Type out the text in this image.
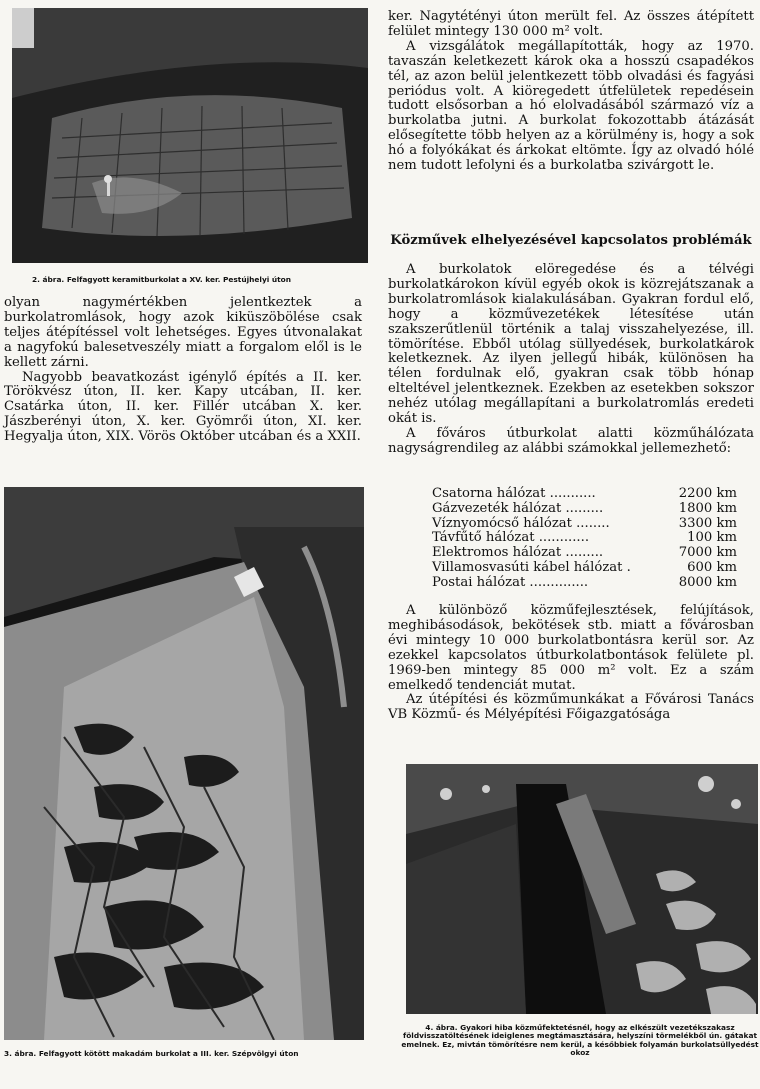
2. ábra. Felfagyott keramitburkolat a XV. ker. Pestújhelyi úton

olyan nagymértékben jelentkeztek a burkolatromlások, hogy azok kiküszöbölése csak teljes átépítéssel volt lehetséges. Egyes útvonalakat a nagyfokú balesetveszély miatt a forgalom elől is le kellett zárni.

Nagyobb beavatkozást igénylő építés a II. ker. Törökvész úton, II. ker. Kapy utcában, II. ker. Csatárka úton, II. ker. Fillér utcában X. ker. Jászberényi úton, X. ker. Gyömrői úton, XI. ker. Hegyalja úton, XIX. Vörös Október utcában és a XXII.

3. ábra. Felfagyott kötött makadám burkolat a III. ker. Szépvölgyi úton

ker. Nagytétényi úton merült fel. Az összes átépített felület mintegy 130 000 m² volt.

A vizsgálátok megállapították, hogy az 1970. tavaszán keletkezett károk oka a hosszú csapadékos tél, az azon belül jelentkezett több olvadási és fagyási periódus volt. A kiöregedett útfelületek repedésein tudott elsősorban a hó elolvadásából származó víz a burkolatba jutni. A burkolat fokozottabb átázását elősegítette több helyen az a körülmény is, hogy a sok hó a folyókákat és árkokat eltömte. Így az olvadó hólé nem tudott lefolyni és a burkolatba szivárgott le.

Közművek elhelyezésével kapcsolatos problémák

A burkolatok elöregedése és a télvégi burkolatkárokon kívül egyéb okok is közrejátszanak a burkolatromlások kialakulásában. Gyakran fordul elő, hogy a közművezetékek létesítése után szakszerűtlenül történik a talaj visszahelyezése, ill. tömörítése. Ebből utólag süllyedések, burkolatkárok keletkeznek. Az ilyen jellegű hibák, különösen ha télen fordulnak elő, gyakran csak több hónap elteltével jelentkeznek. Ezekben az esetekben sokszor nehéz utólag megállapítani a burkolatromlás eredeti okát is.

A főváros útburkolat alatti közműhálózata nagyságrendileg az alábbi számokkal jellemezhető:

Csatorna hálózat ...........	2200 km
Gázvezeték hálózat .........	1800 km
Víznyomócső hálózat ........	3300 km
Távfűtő hálózat ............	100 km
Elektromos hálózat .........	7000 km
Villamosvasúti kábel hálózat .	600 km
Postai hálózat ..............	8000 km

A különböző közműfejlesztések, felújítások, meghibásodások, bekötések stb. miatt a fővárosban évi mintegy 10 000 burkolatbontásra kerül sor. Az ezekkel kapcsolatos útburkolatbontások felülete pl. 1969-ben mintegy 85 000 m² volt. Ez a szám emelkedő tendenciát mutat.

Az útépítési és közműmunkákat a Fővárosi Tanács VB Közmű- és Mélyépítési Főigazgatósága

4. ábra. Gyakori hiba közműfektetésnél, hogy az elkészült vezetékszakasz földvisszatöltésének ideiglenes megtámasztására, helyszíni törmelékből ún. gátakat emelnek. Ez, mivtán tömörítésre nem kerül, a későbbiek folyamán burkolatsüllyedést okoz
